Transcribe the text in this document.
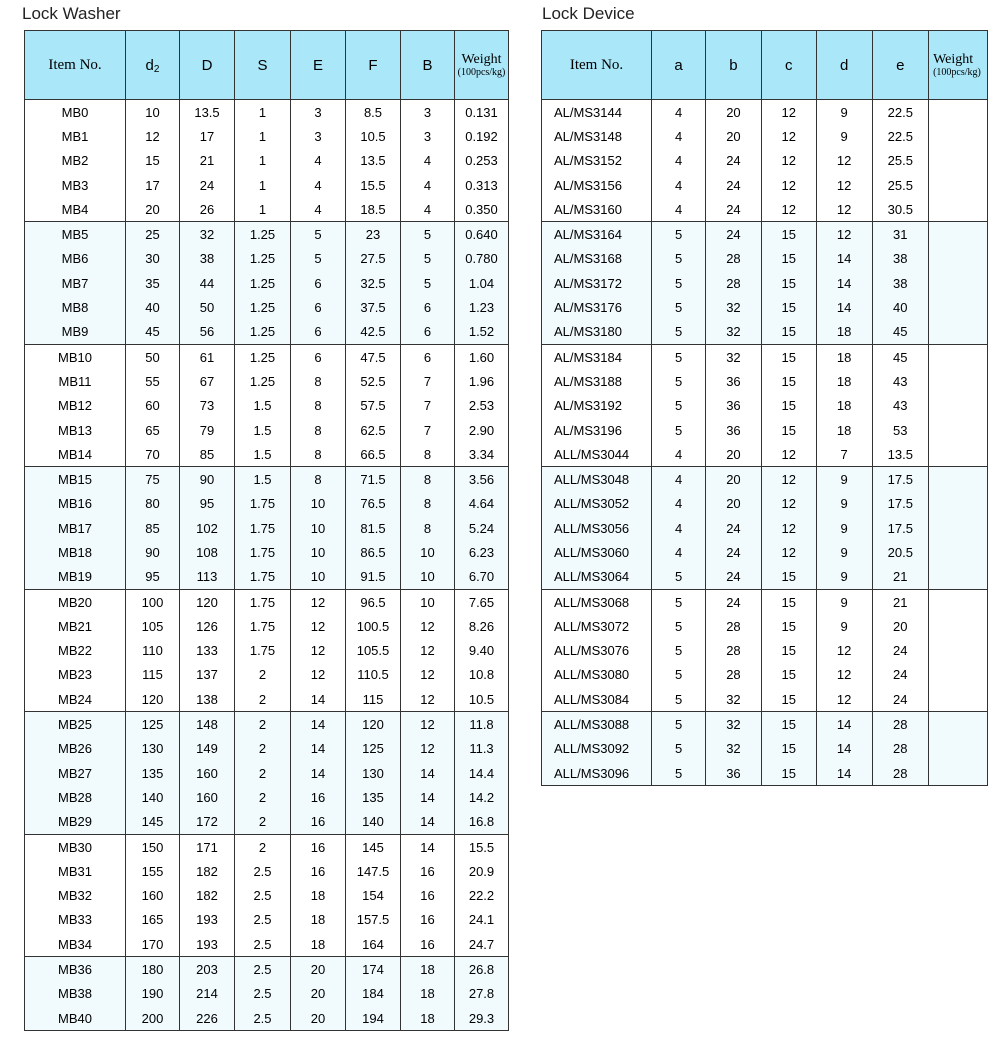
Lock Washer	Lock Device
Item No.	$d_2$	D	S	E	F	B	Weight
(100pcs/kg)

MB0	10	13.5	1	3	8.5	3	0.131
MB1	12	17	1	3	10.5	3	0.192
MB2	15	21	1	4	13.5	4	0.253
MB3	17	24	1	4	15.5	4	0.313
MB4	20	26	1	4	18.5	4	0.350
MB5	25	32	1.25	5	23	5	0.640
MB6	30	38	1.25	5	27.5	5	0.780
MB7	35	44	1.25	6	32.5	5	1.04
MB8	40	50	1.25	6	37.5	6	1.23
MB9	45	56	1.25	6	42.5	6	1.52
MB10	50	61	1.25	6	47.5	6	1.60
MB11	55	67	1.25	8	52.5	7	1.96
MB12	60	73	1.5	8	57.5	7	2.53
MB13	65	79	1.5	8	62.5	7	2.90
MB14	70	85	1.5	8	66.5	8	3.34
MB15	75	90	1.5	8	71.5	8	3.56
MB16	80	95	1.75	10	76.5	8	4.64
MB17	85	102	1.75	10	81.5	8	5.24
MB18	90	108	1.75	10	86.5	10	6.23
MB19	95	113	1.75	10	91.5	10	6.70
MB20	100	120	1.75	12	96.5	10	7.65
MB21	105	126	1.75	12	100.5	12	8.26
MB22	110	133	1.75	12	105.5	12	9.40
MB23	115	137	2	12	110.5	12	10.8
MB24	120	138	2	14	115	12	10.5
MB25	125	148	2	14	120	12	11.8
MB26	130	149	2	14	125	12	11.3
MB27	135	160	2	14	130	14	14.4
MB28	140	160	2	16	135	14	14.2
MB29	145	172	2	16	140	14	16.8
MB30	150	171	2	16	145	14	15.5
MB31	155	182	2.5	16	147.5	16	20.9
MB32	160	182	2.5	18	154	16	22.2
MB33	165	193	2.5	18	157.5	16	24.1
MB34	170	193	2.5	18	164	16	24.7
MB36	180	203	2.5	20	174	18	26.8
MB38	190	214	2.5	20	184	18	27.8
MB40	200	226	2.5	20	194	18	29.3
Item No.	a	b	c	d	e	Weight
(100pcs/kg)

AL/MS3144	4	20	12	9	22.5	
AL/MS3148	4	20	12	9	22.5	
AL/MS3152	4	24	12	12	25.5	
AL/MS3156	4	24	12	12	25.5	
AL/MS3160	4	24	12	12	30.5	
AL/MS3164	5	24	15	12	31	
AL/MS3168	5	28	15	14	38	
AL/MS3172	5	28	15	14	38	
AL/MS3176	5	32	15	14	40	
AL/MS3180	5	32	15	18	45	
AL/MS3184	5	32	15	18	45	
AL/MS3188	5	36	15	18	43	
AL/MS3192	5	36	15	18	43	
AL/MS3196	5	36	15	18	53	
ALL/MS3044	4	20	12	7	13.5	
ALL/MS3048	4	20	12	9	17.5	
ALL/MS3052	4	20	12	9	17.5	
ALL/MS3056	4	24	12	9	17.5	
ALL/MS3060	4	24	12	9	20.5	
ALL/MS3064	5	24	15	9	21	
ALL/MS3068	5	24	15	9	21	
ALL/MS3072	5	28	15	9	20	
ALL/MS3076	5	28	15	12	24	
ALL/MS3080	5	28	15	12	24	
ALL/MS3084	5	32	15	12	24	
ALL/MS3088	5	32	15	14	28	
ALL/MS3092	5	32	15	14	28	
ALL/MS3096	5	36	15	14	28	
